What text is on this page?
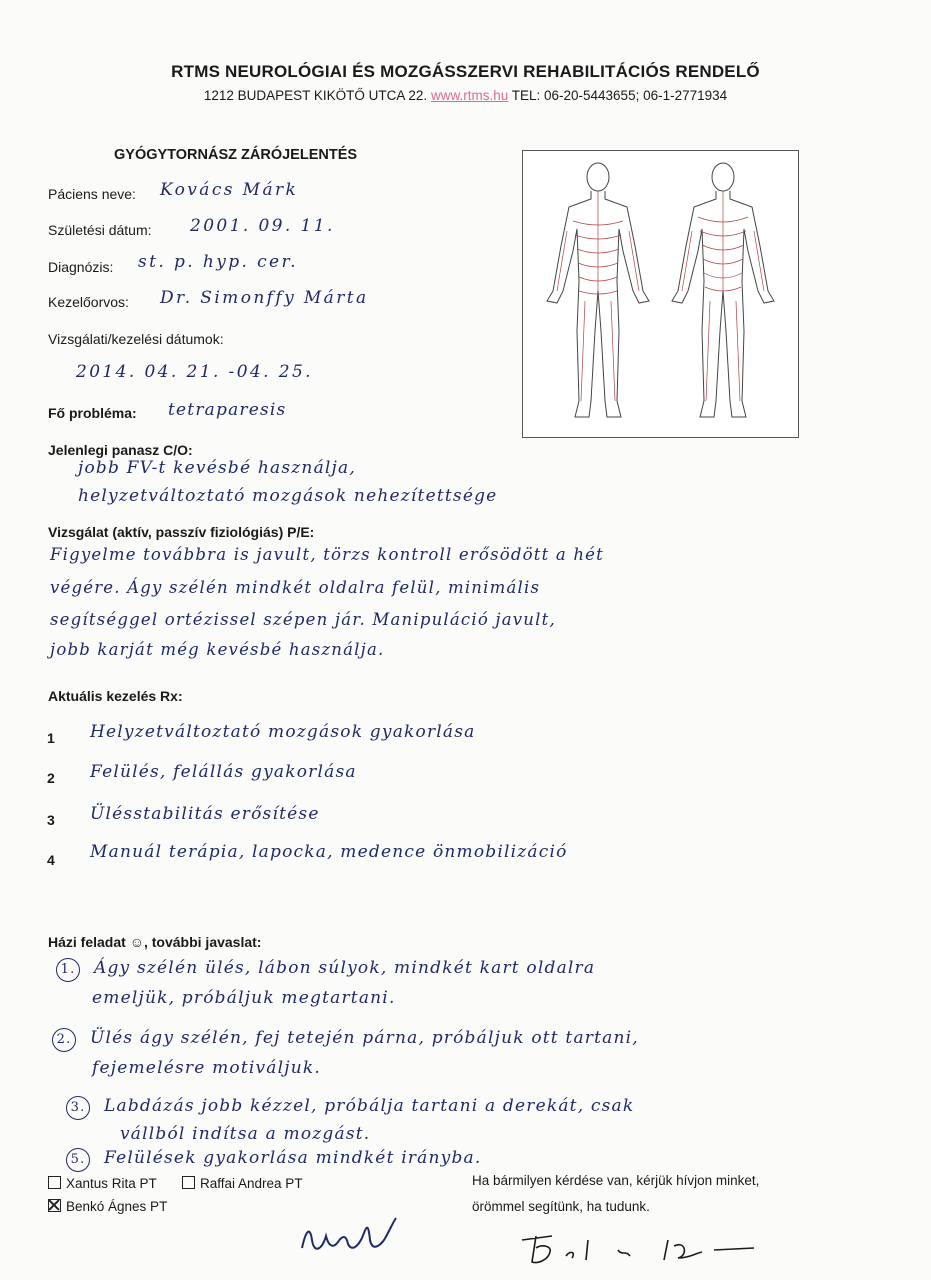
RTMS NEUROLÓGIAI ÉS MOZGÁSSZERVI REHABILITÁCIÓS RENDELŐ
1212 BUDAPEST KIKÖTŐ UTCA 22. www.rtms.hu TEL: 06-20-5443655; 06-1-2771934
GYÓGYTORNÁSZ ZÁRÓJELENTÉS
Páciens neve: Kovács Márk
Születési dátum: 2001. 09. 11.
Diagnózis: st. p. hyp. cer.
Kezelőorvos: Dr. Simonffy Márta
Vizsgálati/kezelési dátumok:
2014. 04. 21. -04. 25.
Fő probléma: tetraparesis
Jelenlegi panasz C/O:
jobb FV-t kevésbé használja,
helyzetváltoztató mozgások nehezítettsége
Vizsgálat (aktív, passzív fiziológiás) P/E:
Figyelme továbbra is javult, törzs kontroll erősödött a hét
végére. Ágy szélén mindkét oldalra felül, minimális
segítséggel ortézissel szépen jár. Manipuláció javult,
jobb karját még kevésbé használja.
Aktuális kezelés Rx:
1 Helyzetváltoztató mozgások gyakorlása
2 Felülés, felállás gyakorlása
3 Ülésstabilitás erősítése
4 Manuál terápia, lapocka, medence önmobilizáció
Házi feladat ☺, további javaslat:
1. Ágy szélén ülés, lábon súlyok, mindkét kart oldalra
emeljük, próbáljuk megtartani.
2. Ülés ágy szélén, fej tetején párna, próbáljuk ott tartani,
fejemelésre motiváljuk.
3. Labdázás jobb kézzel, próbálja tartani a derekát, csak
vállból indítsa a mozgást.
5. Felülések gyakorlása mindkét irányba.
Xantus Rita PT	Raffai Andrea PT
Benkó Ágnes PT
Ha bármilyen kérdése van, kérjük hívjon minket,
örömmel segítünk, ha tudunk.
